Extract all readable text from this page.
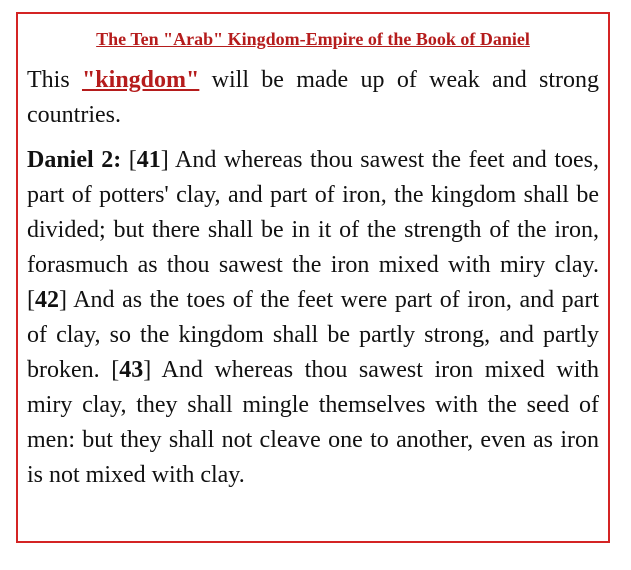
The Ten "Arab" Kingdom-Empire of the Book of Daniel

This "kingdom" will be made up of weak and strong countries.

Daniel 2: [41] And whereas thou sawest the feet and toes, part of potters' clay, and part of iron, the kingdom shall be divided; but there shall be in it of the strength of the iron, forasmuch as thou sawest the iron mixed with miry clay. [42] And as the toes of the feet were part of iron, and part of clay, so the kingdom shall be partly strong, and partly broken. [43] And whereas thou sawest iron mixed with miry clay, they shall mingle themselves with the seed of men: but they shall not cleave one to another, even as iron is not mixed with clay.
